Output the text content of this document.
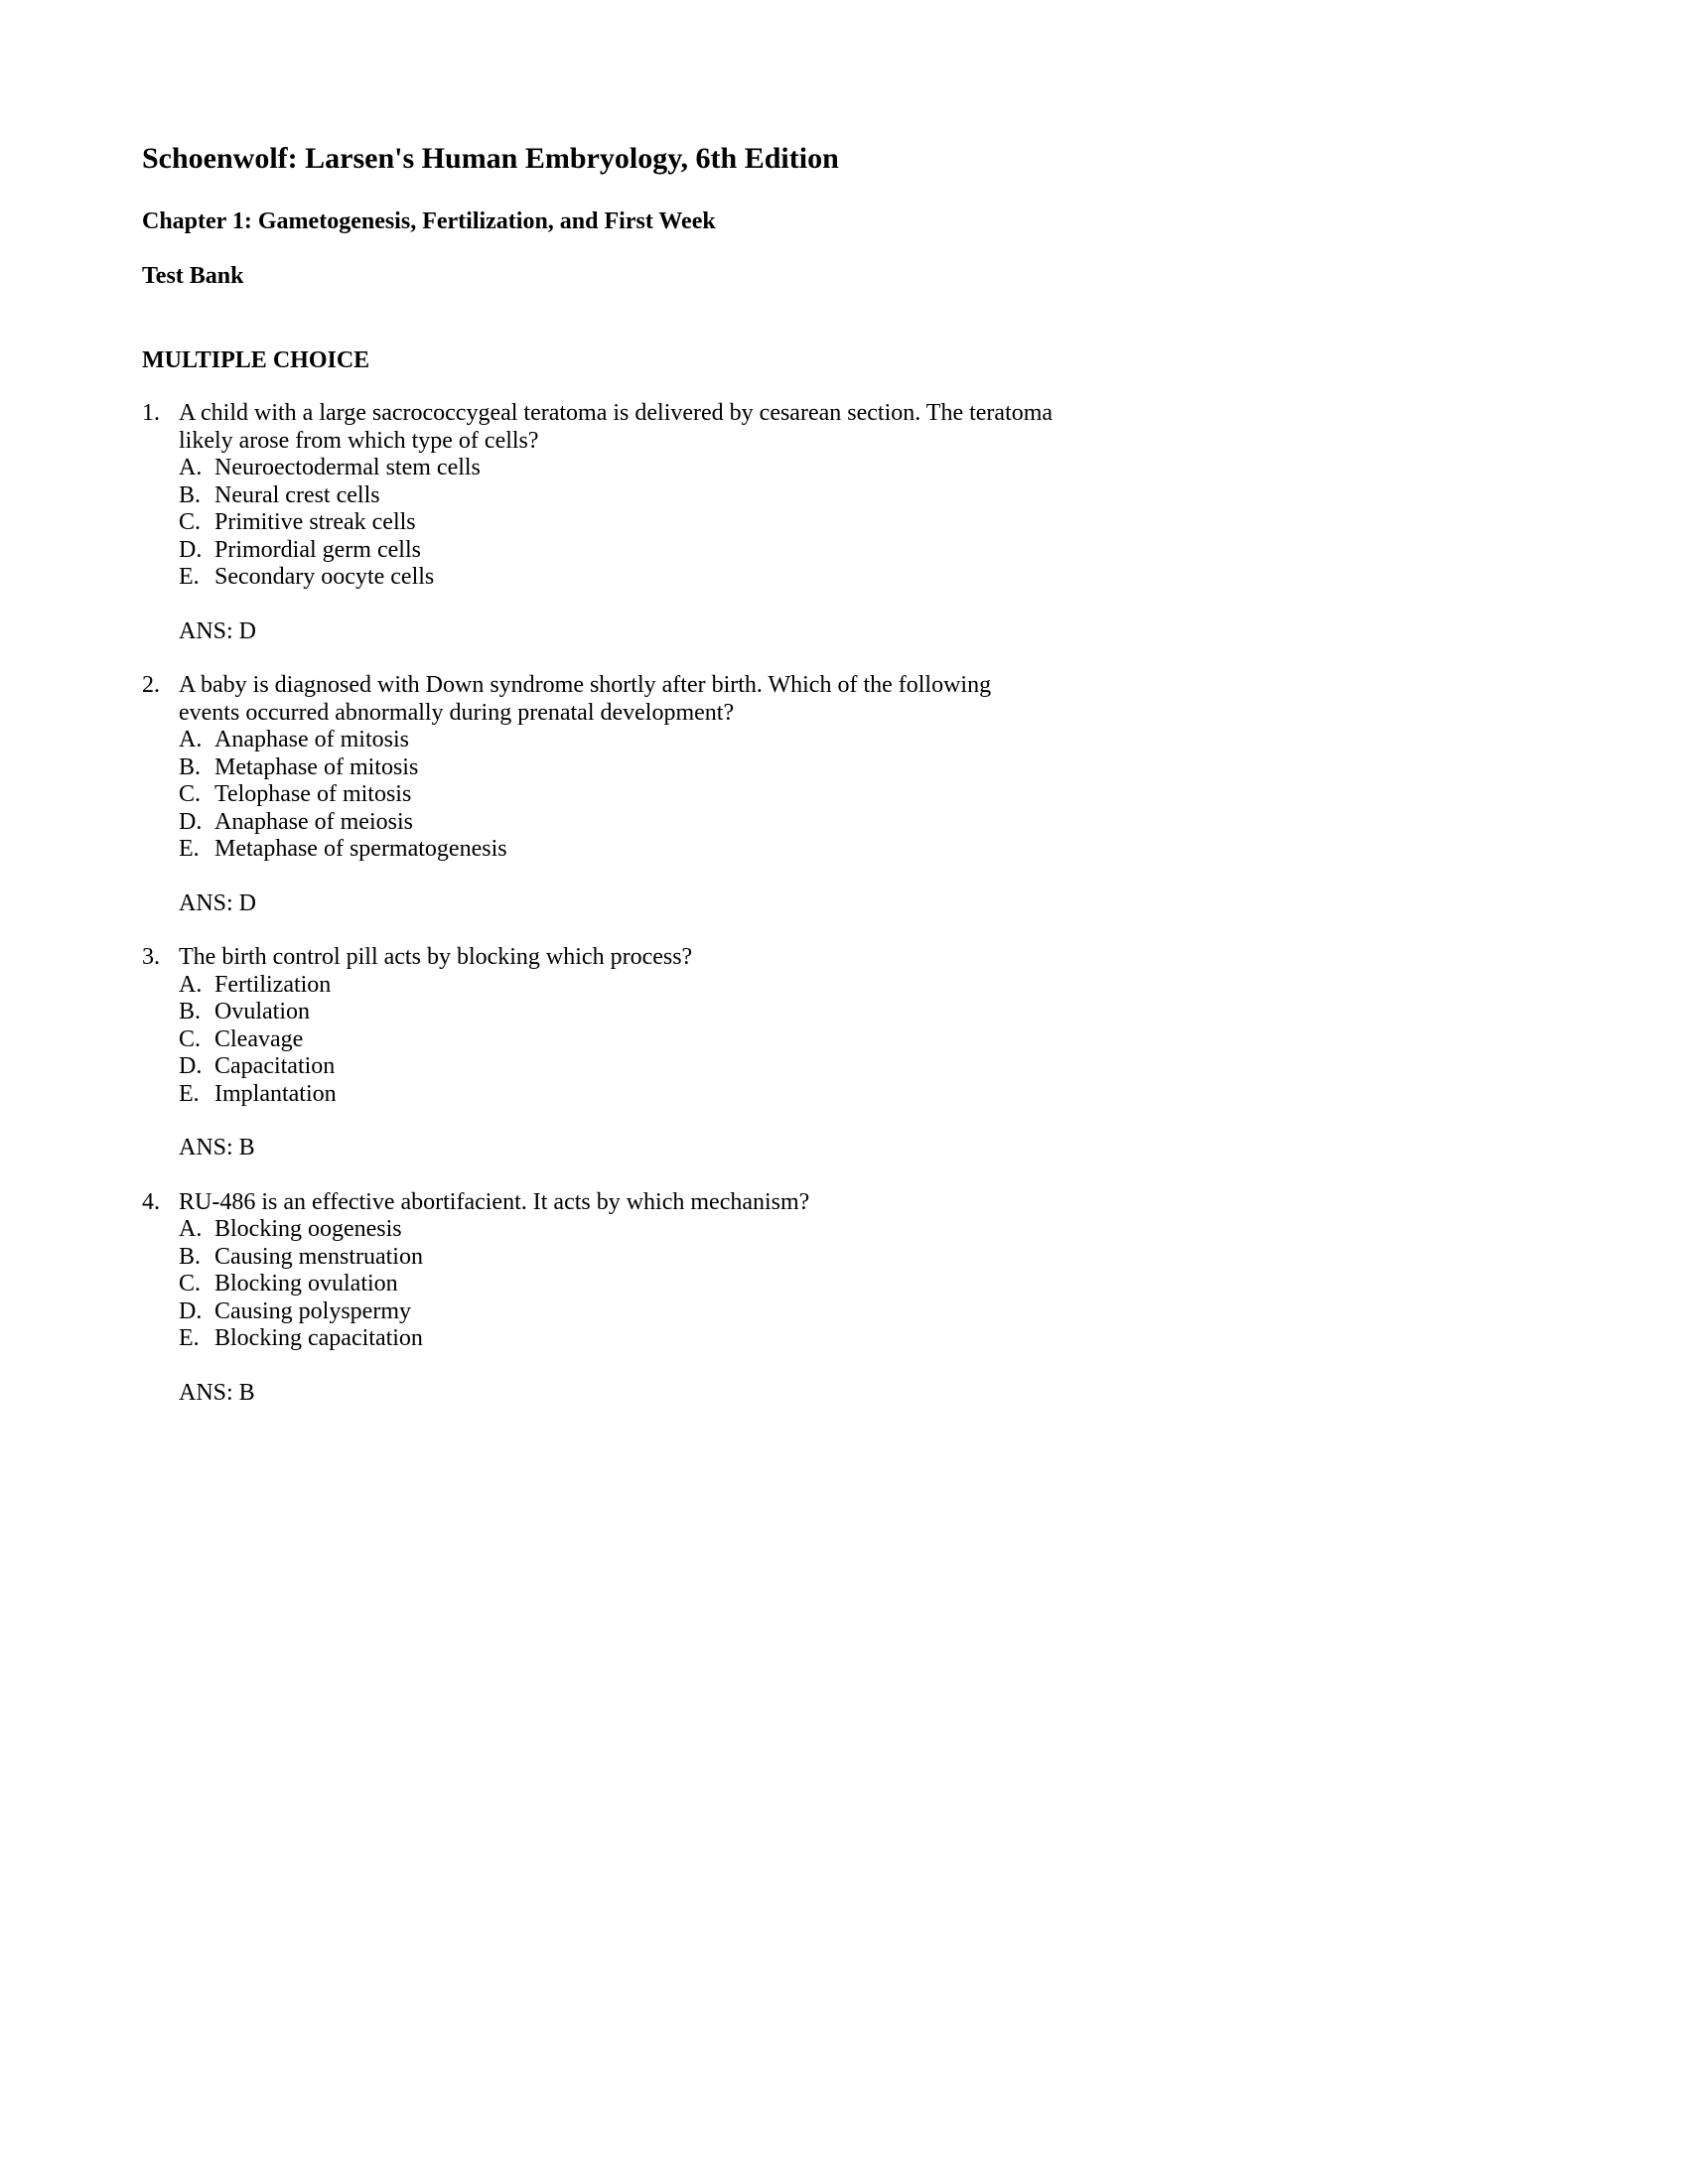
Schoenwolf: Larsen's Human Embryology, 6th Edition
Chapter 1: Gametogenesis, Fertilization, and First Week
Test Bank
MULTIPLE CHOICE
1. A child with a large sacrococcygeal teratoma is delivered by cesarean section. The teratoma likely arose from which type of cells?
A. Neuroectodermal stem cells
B. Neural crest cells
C. Primitive streak cells
D. Primordial germ cells
E. Secondary oocyte cells
ANS: D
2. A baby is diagnosed with Down syndrome shortly after birth. Which of the following events occurred abnormally during prenatal development?
A. Anaphase of mitosis
B. Metaphase of mitosis
C. Telophase of mitosis
D. Anaphase of meiosis
E. Metaphase of spermatogenesis
ANS: D
3. The birth control pill acts by blocking which process?
A. Fertilization
B. Ovulation
C. Cleavage
D. Capacitation
E. Implantation
ANS: B
4. RU-486 is an effective abortifacient. It acts by which mechanism?
A. Blocking oogenesis
B. Causing menstruation
C. Blocking ovulation
D. Causing polyspermy
E. Blocking capacitation
ANS: B
